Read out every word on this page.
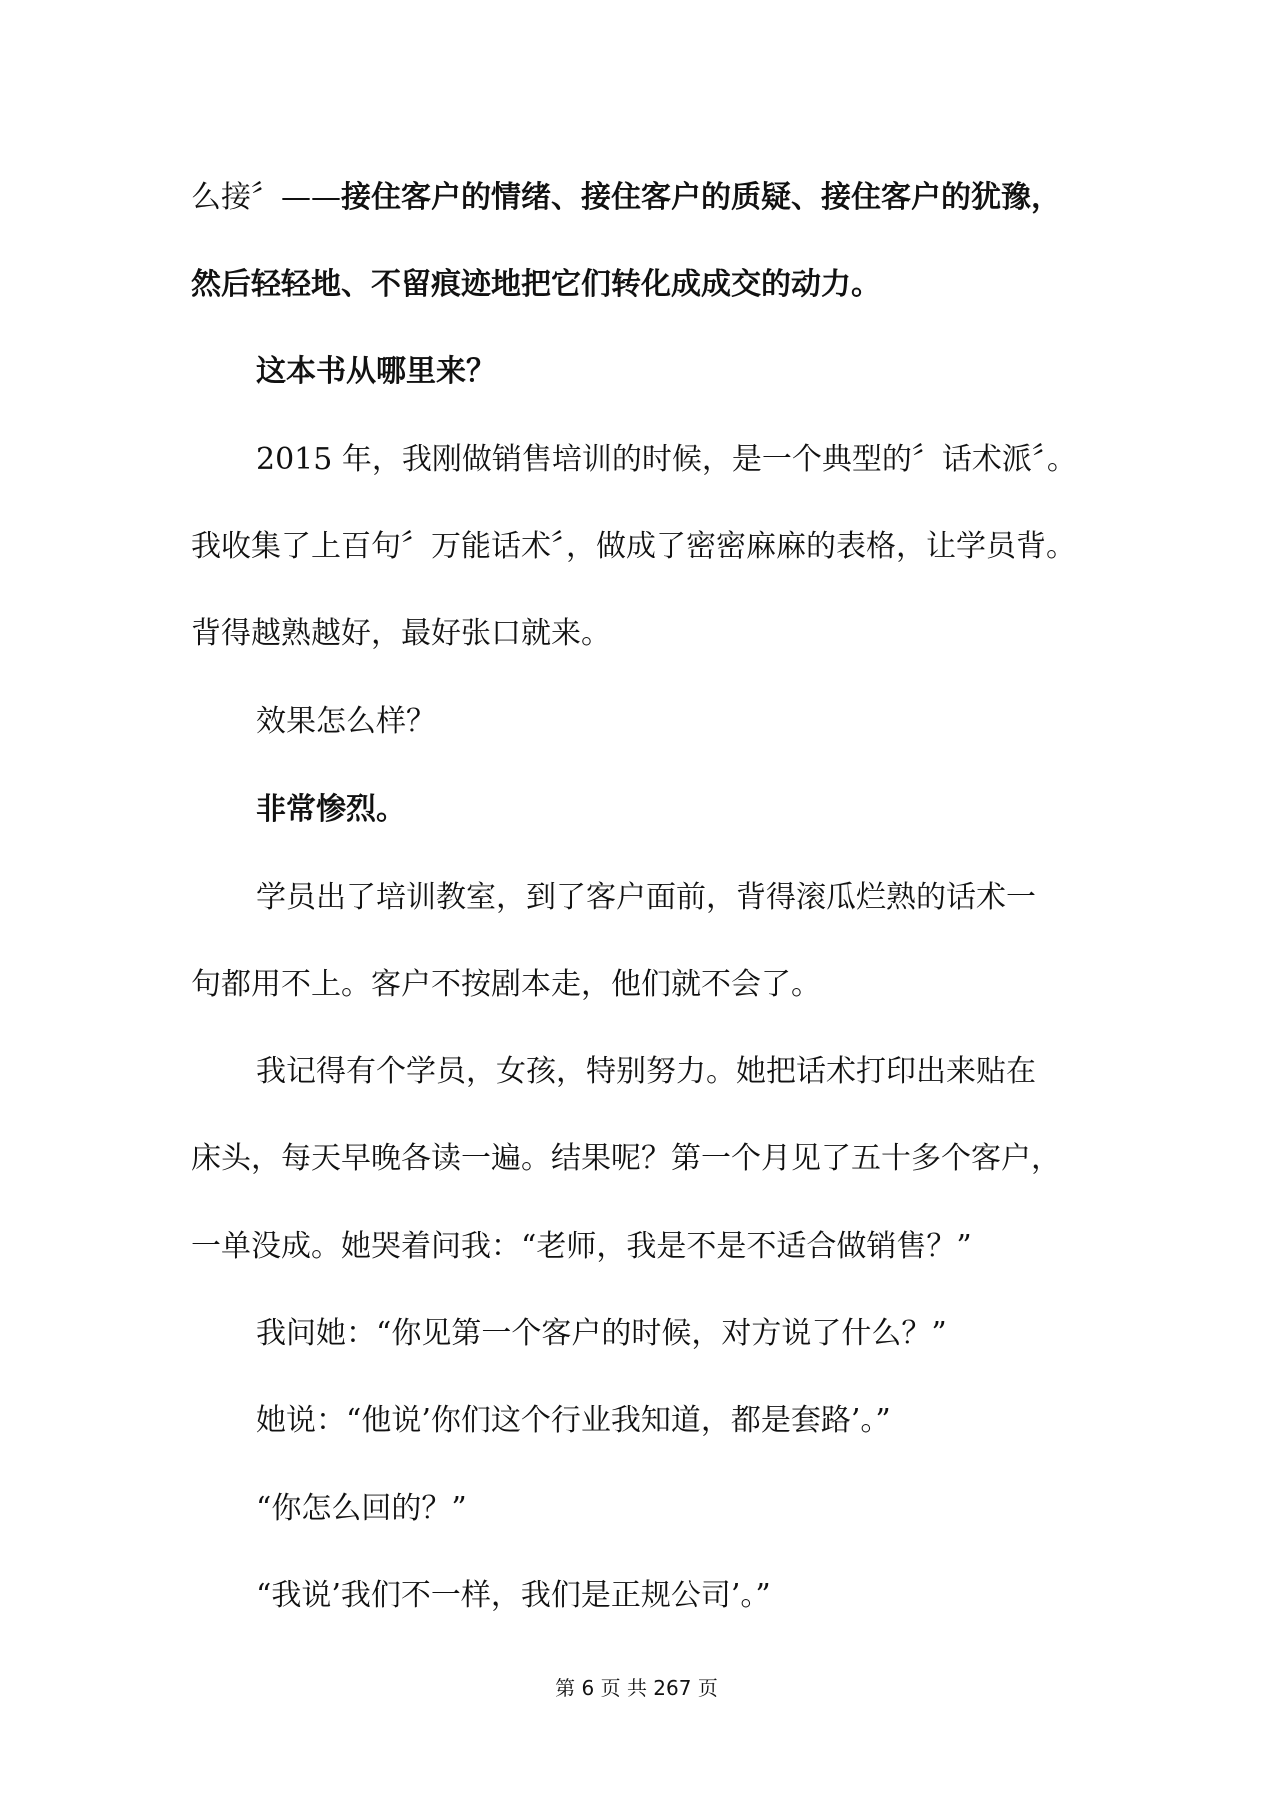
么接〞——接住客户的情绪、接住客户的质疑、接住客户的犹豫，
然后轻轻地、不留痕迹地把它们转化成成交的动力。
这本书从哪里来？
2015 年，我刚做销售培训的时候，是一个典型的〞话术派〞。
我收集了上百句〞万能话术〞，做成了密密麻麻的表格，让学员背。
背得越熟越好，最好张口就来。
效果怎么样？
非常惨烈。
学员出了培训教室，到了客户面前，背得滚瓜烂熟的话术一
句都用不上。客户不按剧本走，他们就不会了。
我记得有个学员，女孩，特别努力。她把话术打印出来贴在
床头，每天早晚各读一遍。结果呢？第一个月见了五十多个客户，
一单没成。她哭着问我：“老师，我是不是不适合做销售？”
我问她：“你见第一个客户的时候，对方说了什么？”
她说：“他说’你们这个行业我知道，都是套路’。”
“你怎么回的？”
“我说’我们不一样，我们是正规公司’。”
第 6 页 共 267 页
